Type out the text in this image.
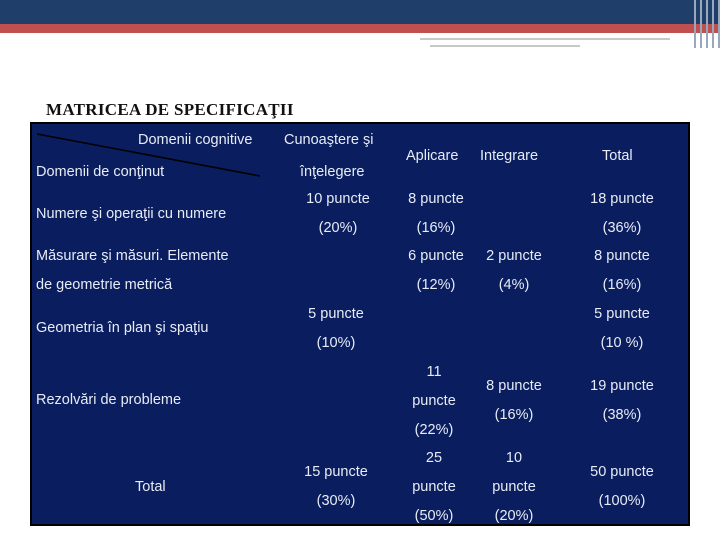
MATRICEA DE SPECIFICAŢII
Domenii cognitive
Domenii de conţinut
Cunoaştere şi
înţelegere
Aplicare Integrare	Total
Numere şi operaţii cu numere
10 puncte
(20%)
8 puncte
(16%)
18 puncte
(36%)
Măsurare şi măsuri. Elemente
de geometrie metrică
6 puncte
(12%)
2 puncte
(4%)
8 puncte
(16%)
Geometria în plan şi spaţiu
5 puncte
(10%)
5 puncte
(10 %)
Rezolvări de probleme
11
puncte
(22%)
8 puncte
(16%)
19 puncte
(38%)
Total
15 puncte
(30%)
25
puncte
(50%)
10
puncte
(20%)
50 puncte
(100%)
